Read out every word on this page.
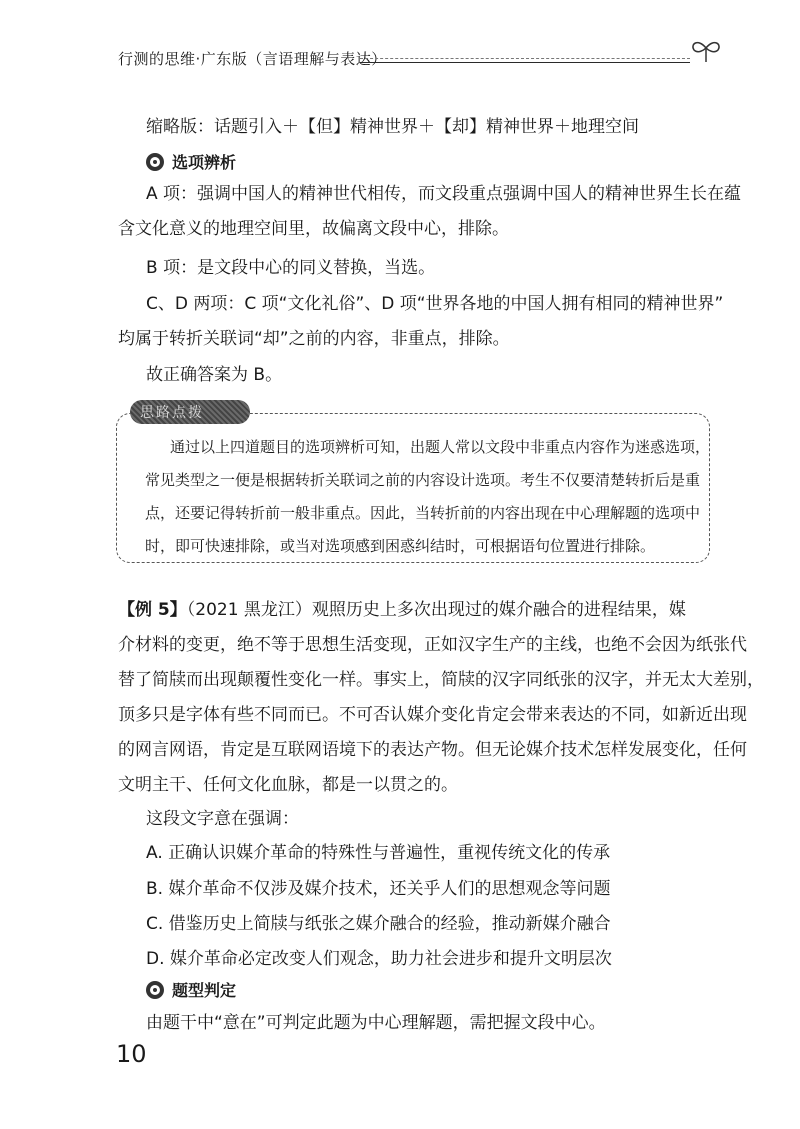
行测的思维·广东版（言语理解与表达）
缩略版：话题引入＋【但】精神世界＋【却】精神世界＋地理空间
选项辨析
A 项：强调中国人的精神世代相传，而文段重点强调中国人的精神世界生长在蕴
含文化意义的地理空间里，故偏离文段中心，排除。
B 项：是文段中心的同义替换，当选。
C、D 两项：C 项“文化礼俗”、D 项“世界各地的中国人拥有相同的精神世界”
均属于转折关联词“却”之前的内容，非重点，排除。
故正确答案为 B。
思路点拨
通过以上四道题目的选项辨析可知，出题人常以文段中非重点内容作为迷惑选项，
常见类型之一便是根据转折关联词之前的内容设计选项。考生不仅要清楚转折后是重
点，还要记得转折前一般非重点。因此，当转折前的内容出现在中心理解题的选项中
时，即可快速排除，或当对选项感到困惑纠结时，可根据语句位置进行排除。
【例 5】（2021 黑龙江）观照历史上多次出现过的媒介融合的进程结果，媒
介材料的变更，绝不等于思想生活变现，正如汉字生产的主线，也绝不会因为纸张代
替了简牍而出现颠覆性变化一样。事实上，简牍的汉字同纸张的汉字，并无太大差别，
顶多只是字体有些不同而已。不可否认媒介变化肯定会带来表达的不同，如新近出现
的网言网语，肯定是互联网语境下的表达产物。但无论媒介技术怎样发展变化，任何
文明主干、任何文化血脉，都是一以贯之的。
这段文字意在强调：
A. 正确认识媒介革命的特殊性与普遍性，重视传统文化的传承
B. 媒介革命不仅涉及媒介技术，还关乎人们的思想观念等问题
C. 借鉴历史上简牍与纸张之媒介融合的经验，推动新媒介融合
D. 媒介革命必定改变人们观念，助力社会进步和提升文明层次
题型判定
由题干中“意在”可判定此题为中心理解题，需把握文段中心。
10
